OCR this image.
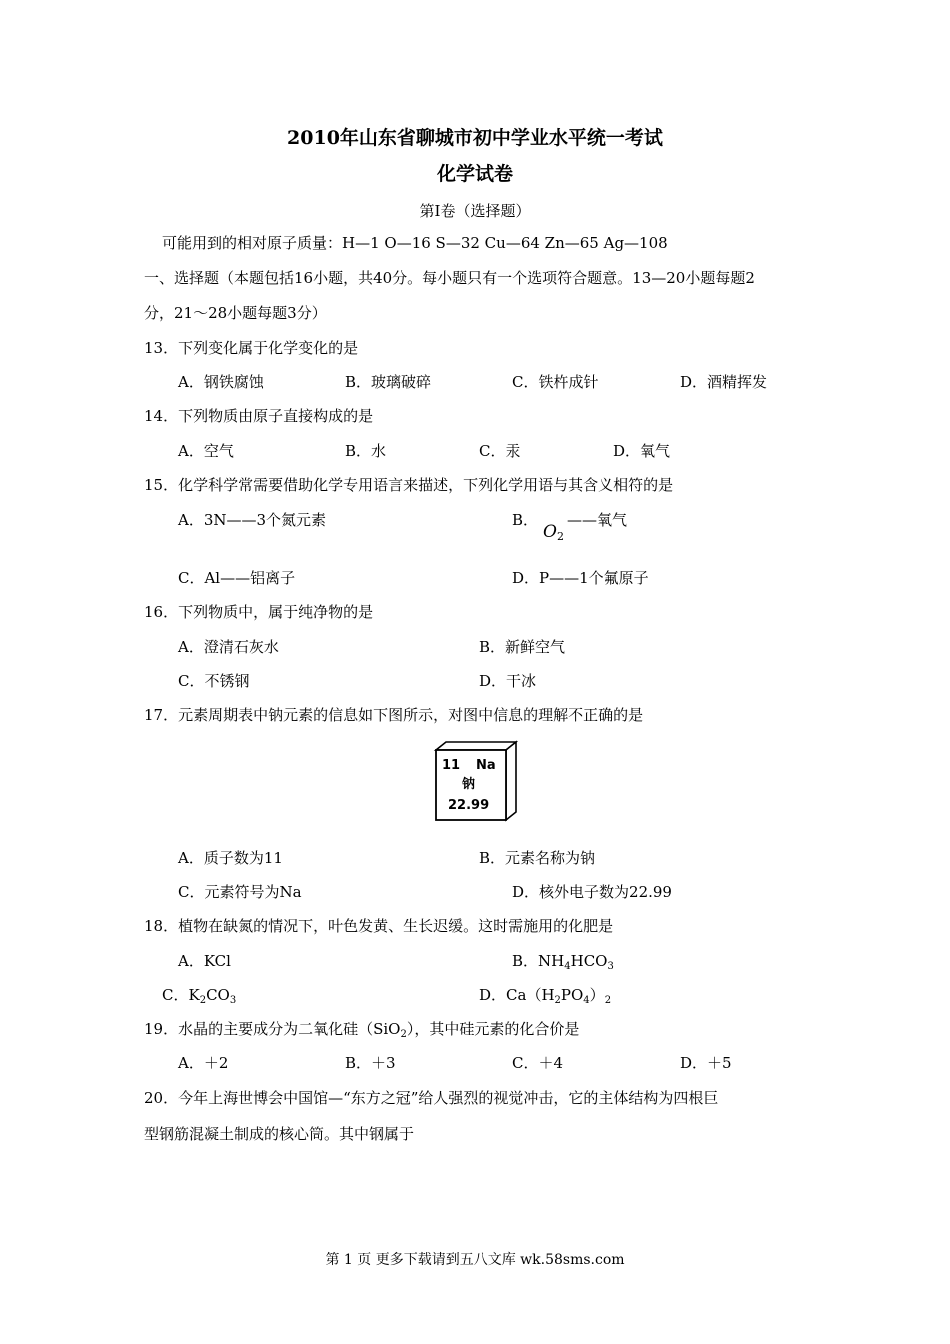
2010年山东省聊城市初中学业水平统一考试
化学试卷
第Ⅰ卷（选择题）
可能用到的相对原子质量：H—1 O—16 S—32 Cu—64 Zn—65 Ag—108
一、选择题（本题包括16小题，共40分。每小题只有一个选项符合题意。13—20小题每题2
分，21～28小题每题3分）
13．下列变化属于化学变化的是
A．钢铁腐蚀	B．玻璃破碎	C．铁杵成针	D．酒精挥发
14．下列物质由原子直接构成的是
A．空气	B．水	C．汞	D．氧气
15．化学科学常需要借助化学专用语言来描述，下列化学用语与其含义相符的是
A．3N——3个氮元素	B．
$O_2$
——氧气
C．Al——铝离子	D．P——1个氟原子
16．下列物质中，属于纯净物的是
A．澄清石灰水	B．新鲜空气
C．不锈钢	D．干冰
17．元素周期表中钠元素的信息如下图所示，对图中信息的理解不正确的是
11 Na
钠
22.99
A．质子数为11	B．元素名称为钠
C．元素符号为Na	D．核外电子数为22.99
18．植物在缺氮的情况下，叶色发黄、生长迟缓。这时需施用的化肥是
A．KCl	B．$NH_4HCO_3$
C．$K_2CO_3$	D．$Ca(H_2PO_4)_2$
19．水晶的主要成分为二氧化硅（SiO$_2$），其中硅元素的化合价是
A．＋2	B．＋3	C．＋4	D．＋5
20．今年上海世博会中国馆—“东方之冠”给人强烈的视觉冲击，它的主体结构为四根巨
型钢筋混凝土制成的核心筒。其中钢属于
第 1 页 更多下载请到五八文库 wk.58sms.com
